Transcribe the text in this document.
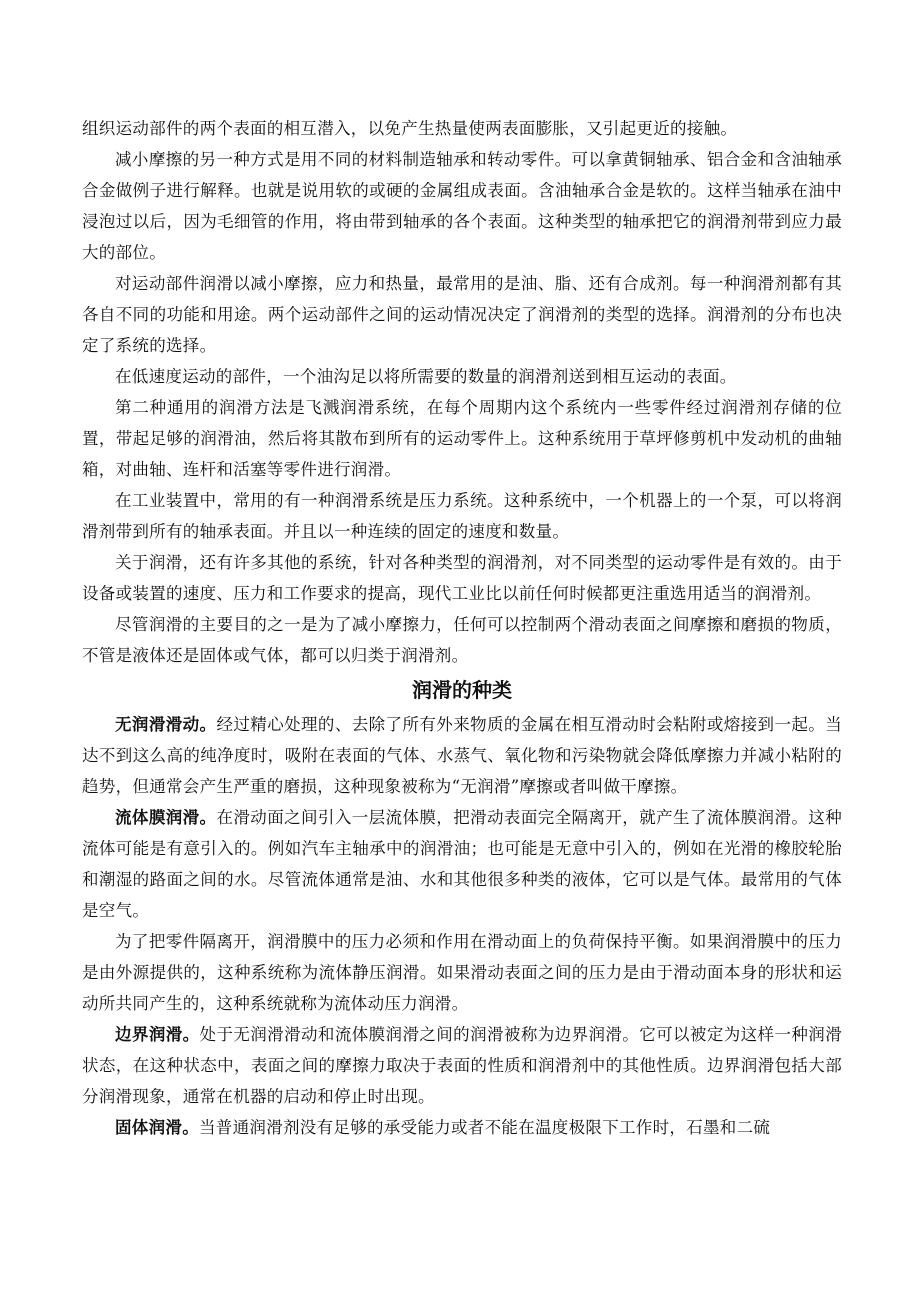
组织运动部件的两个表面的相互潜入，以免产生热量使两表面膨胀，又引起更近的接触。

减小摩擦的另一种方式是用不同的材料制造轴承和转动零件。可以拿黄铜轴承、铝合金和含油轴承合金做例子进行解释。也就是说用软的或硬的金属组成表面。含油轴承合金是软的。这样当轴承在油中浸泡过以后，因为毛细管的作用，将由带到轴承的各个表面。这种类型的轴承把它的润滑剂带到应力最大的部位。

对运动部件润滑以减小摩擦，应力和热量，最常用的是油、脂、还有合成剂。每一种润滑剂都有其各自不同的功能和用途。两个运动部件之间的运动情况决定了润滑剂的类型的选择。润滑剂的分布也决定了系统的选择。

在低速度运动的部件，一个油沟足以将所需要的数量的润滑剂送到相互运动的表面。

第二种通用的润滑方法是飞溅润滑系统，在每个周期内这个系统内一些零件经过润滑剂存储的位置，带起足够的润滑油，然后将其散布到所有的运动零件上。这种系统用于草坪修剪机中发动机的曲轴箱，对曲轴、连杆和活塞等零件进行润滑。

在工业装置中，常用的有一种润滑系统是压力系统。这种系统中，一个机器上的一个泵，可以将润滑剂带到所有的轴承表面。并且以一种连续的固定的速度和数量。

关于润滑，还有许多其他的系统，针对各种类型的润滑剂，对不同类型的运动零件是有效的。由于设备或装置的速度、压力和工作要求的提高，现代工业比以前任何时候都更注重选用适当的润滑剂。

尽管润滑的主要目的之一是为了减小摩擦力，任何可以控制两个滑动表面之间摩擦和磨损的物质，不管是液体还是固体或气体，都可以归类于润滑剂。

润滑的种类

无润滑滑动。经过精心处理的、去除了所有外来物质的金属在相互滑动时会粘附或熔接到一起。当达不到这么高的纯净度时，吸附在表面的气体、水蒸气、氧化物和污染物就会降低摩擦力并减小粘附的趋势，但通常会产生严重的磨损，这种现象被称为“无润滑”摩擦或者叫做干摩擦。

流体膜润滑。在滑动面之间引入一层流体膜，把滑动表面完全隔离开，就产生了流体膜润滑。这种流体可能是有意引入的。例如汽车主轴承中的润滑油；也可能是无意中引入的，例如在光滑的橡胶轮胎和潮湿的路面之间的水。尽管流体通常是油、水和其他很多种类的液体，它可以是气体。最常用的气体是空气。

为了把零件隔离开，润滑膜中的压力必须和作用在滑动面上的负荷保持平衡。如果润滑膜中的压力是由外源提供的，这种系统称为流体静压润滑。如果滑动表面之间的压力是由于滑动面本身的形状和运动所共同产生的，这种系统就称为流体动压力润滑。

边界润滑。处于无润滑滑动和流体膜润滑之间的润滑被称为边界润滑。它可以被定为这样一种润滑状态，在这种状态中，表面之间的摩擦力取决于表面的性质和润滑剂中的其他性质。边界润滑包括大部分润滑现象，通常在机器的启动和停止时出现。

固体润滑。当普通润滑剂没有足够的承受能力或者不能在温度极限下工作时，石墨和二硫
